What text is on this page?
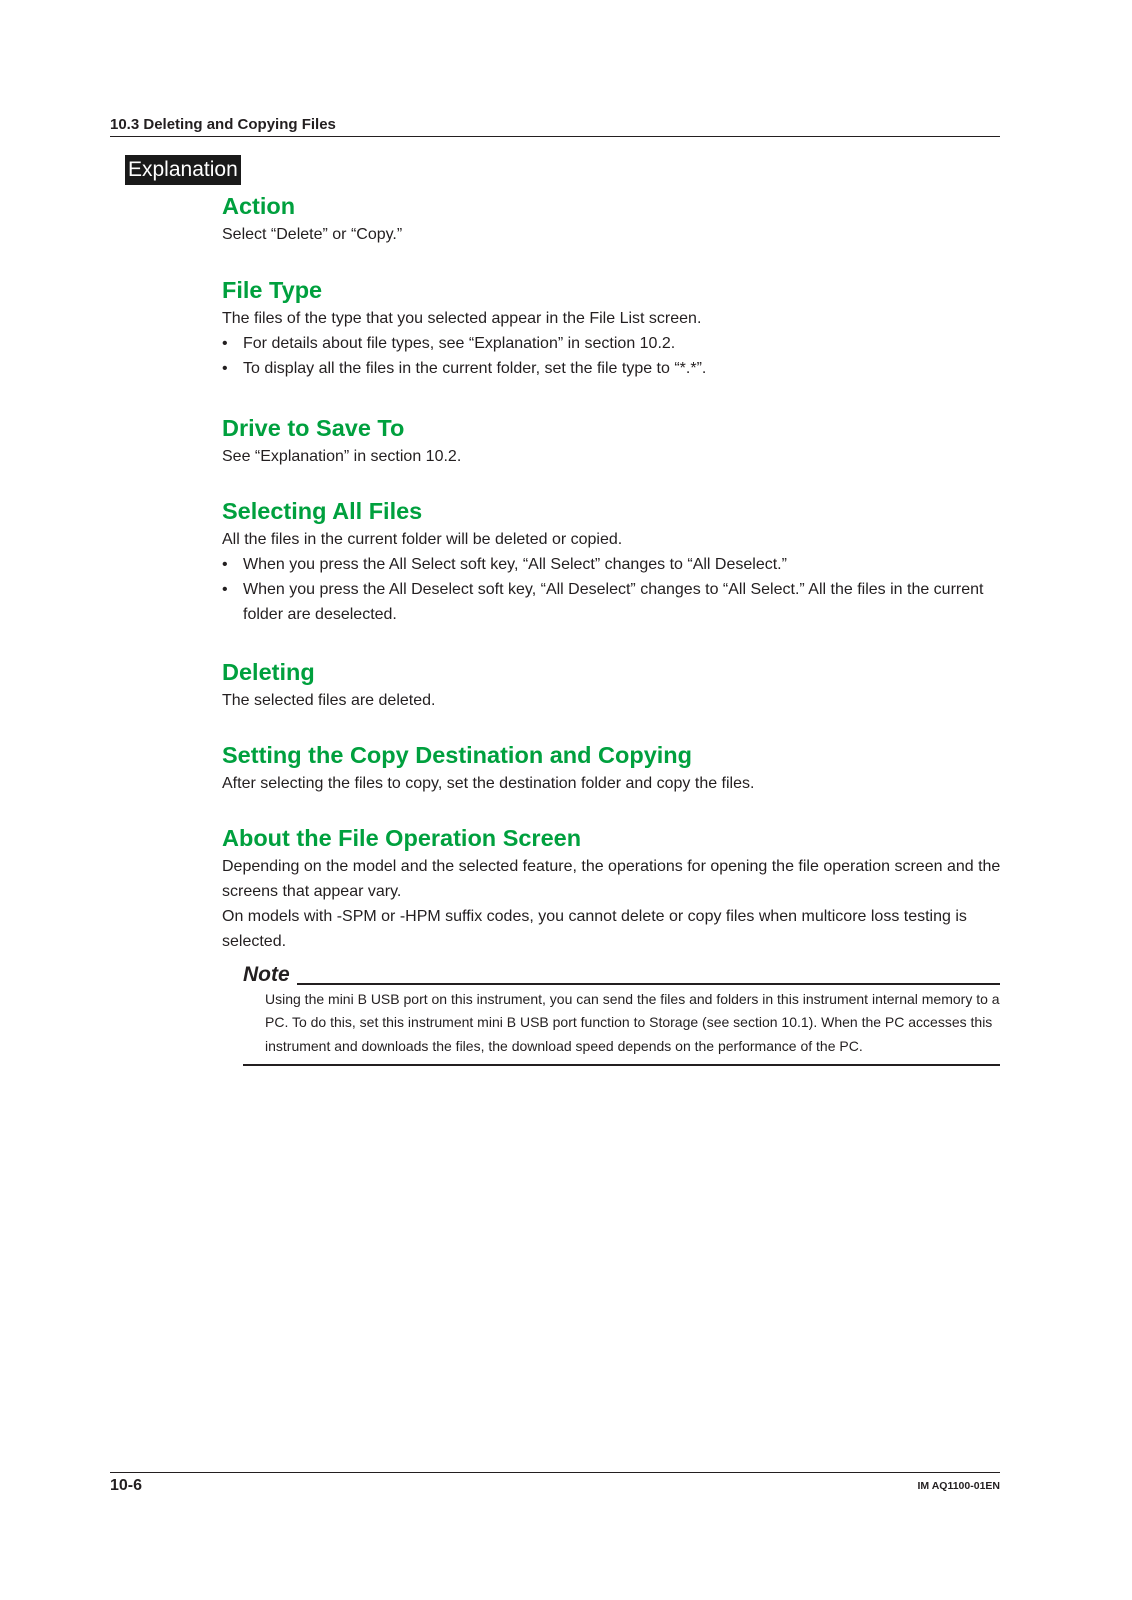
10.3 Deleting and Copying Files
Explanation
Action

Select “Delete” or “Copy.”

File Type

The files of the type that you selected appear in the File List screen.

• For details about file types, see “Explanation” in section 10.2.
• To display all the files in the current folder, set the file type to “*.*”.
Drive to Save To

See “Explanation” in section 10.2.

Selecting All Files

All the files in the current folder will be deleted or copied.

• When you press the All Select soft key, “All Select” changes to “All Deselect.”
• When you press the All Deselect soft key, “All Deselect” changes to “All Select.” All the files in the current folder are deselected.
Deleting

The selected files are deleted.

Setting the Copy Destination and Copying

After selecting the files to copy, set the destination folder and copy the files.

About the File Operation Screen

Depending on the model and the selected feature, the operations for opening the file operation screen and the screens that appear vary.

On models with -SPM or -HPM suffix codes, you cannot delete or copy files when multicore loss testing is selected.

Note

Using the mini B USB port on this instrument, you can send the files and folders in this instrument internal memory to a PC. To do this, set this instrument mini B USB port function to Storage (see section 10.1). When the PC accesses this instrument and downloads the files, the download speed depends on the performance of the PC.

10-6	IM AQ1100-01EN
